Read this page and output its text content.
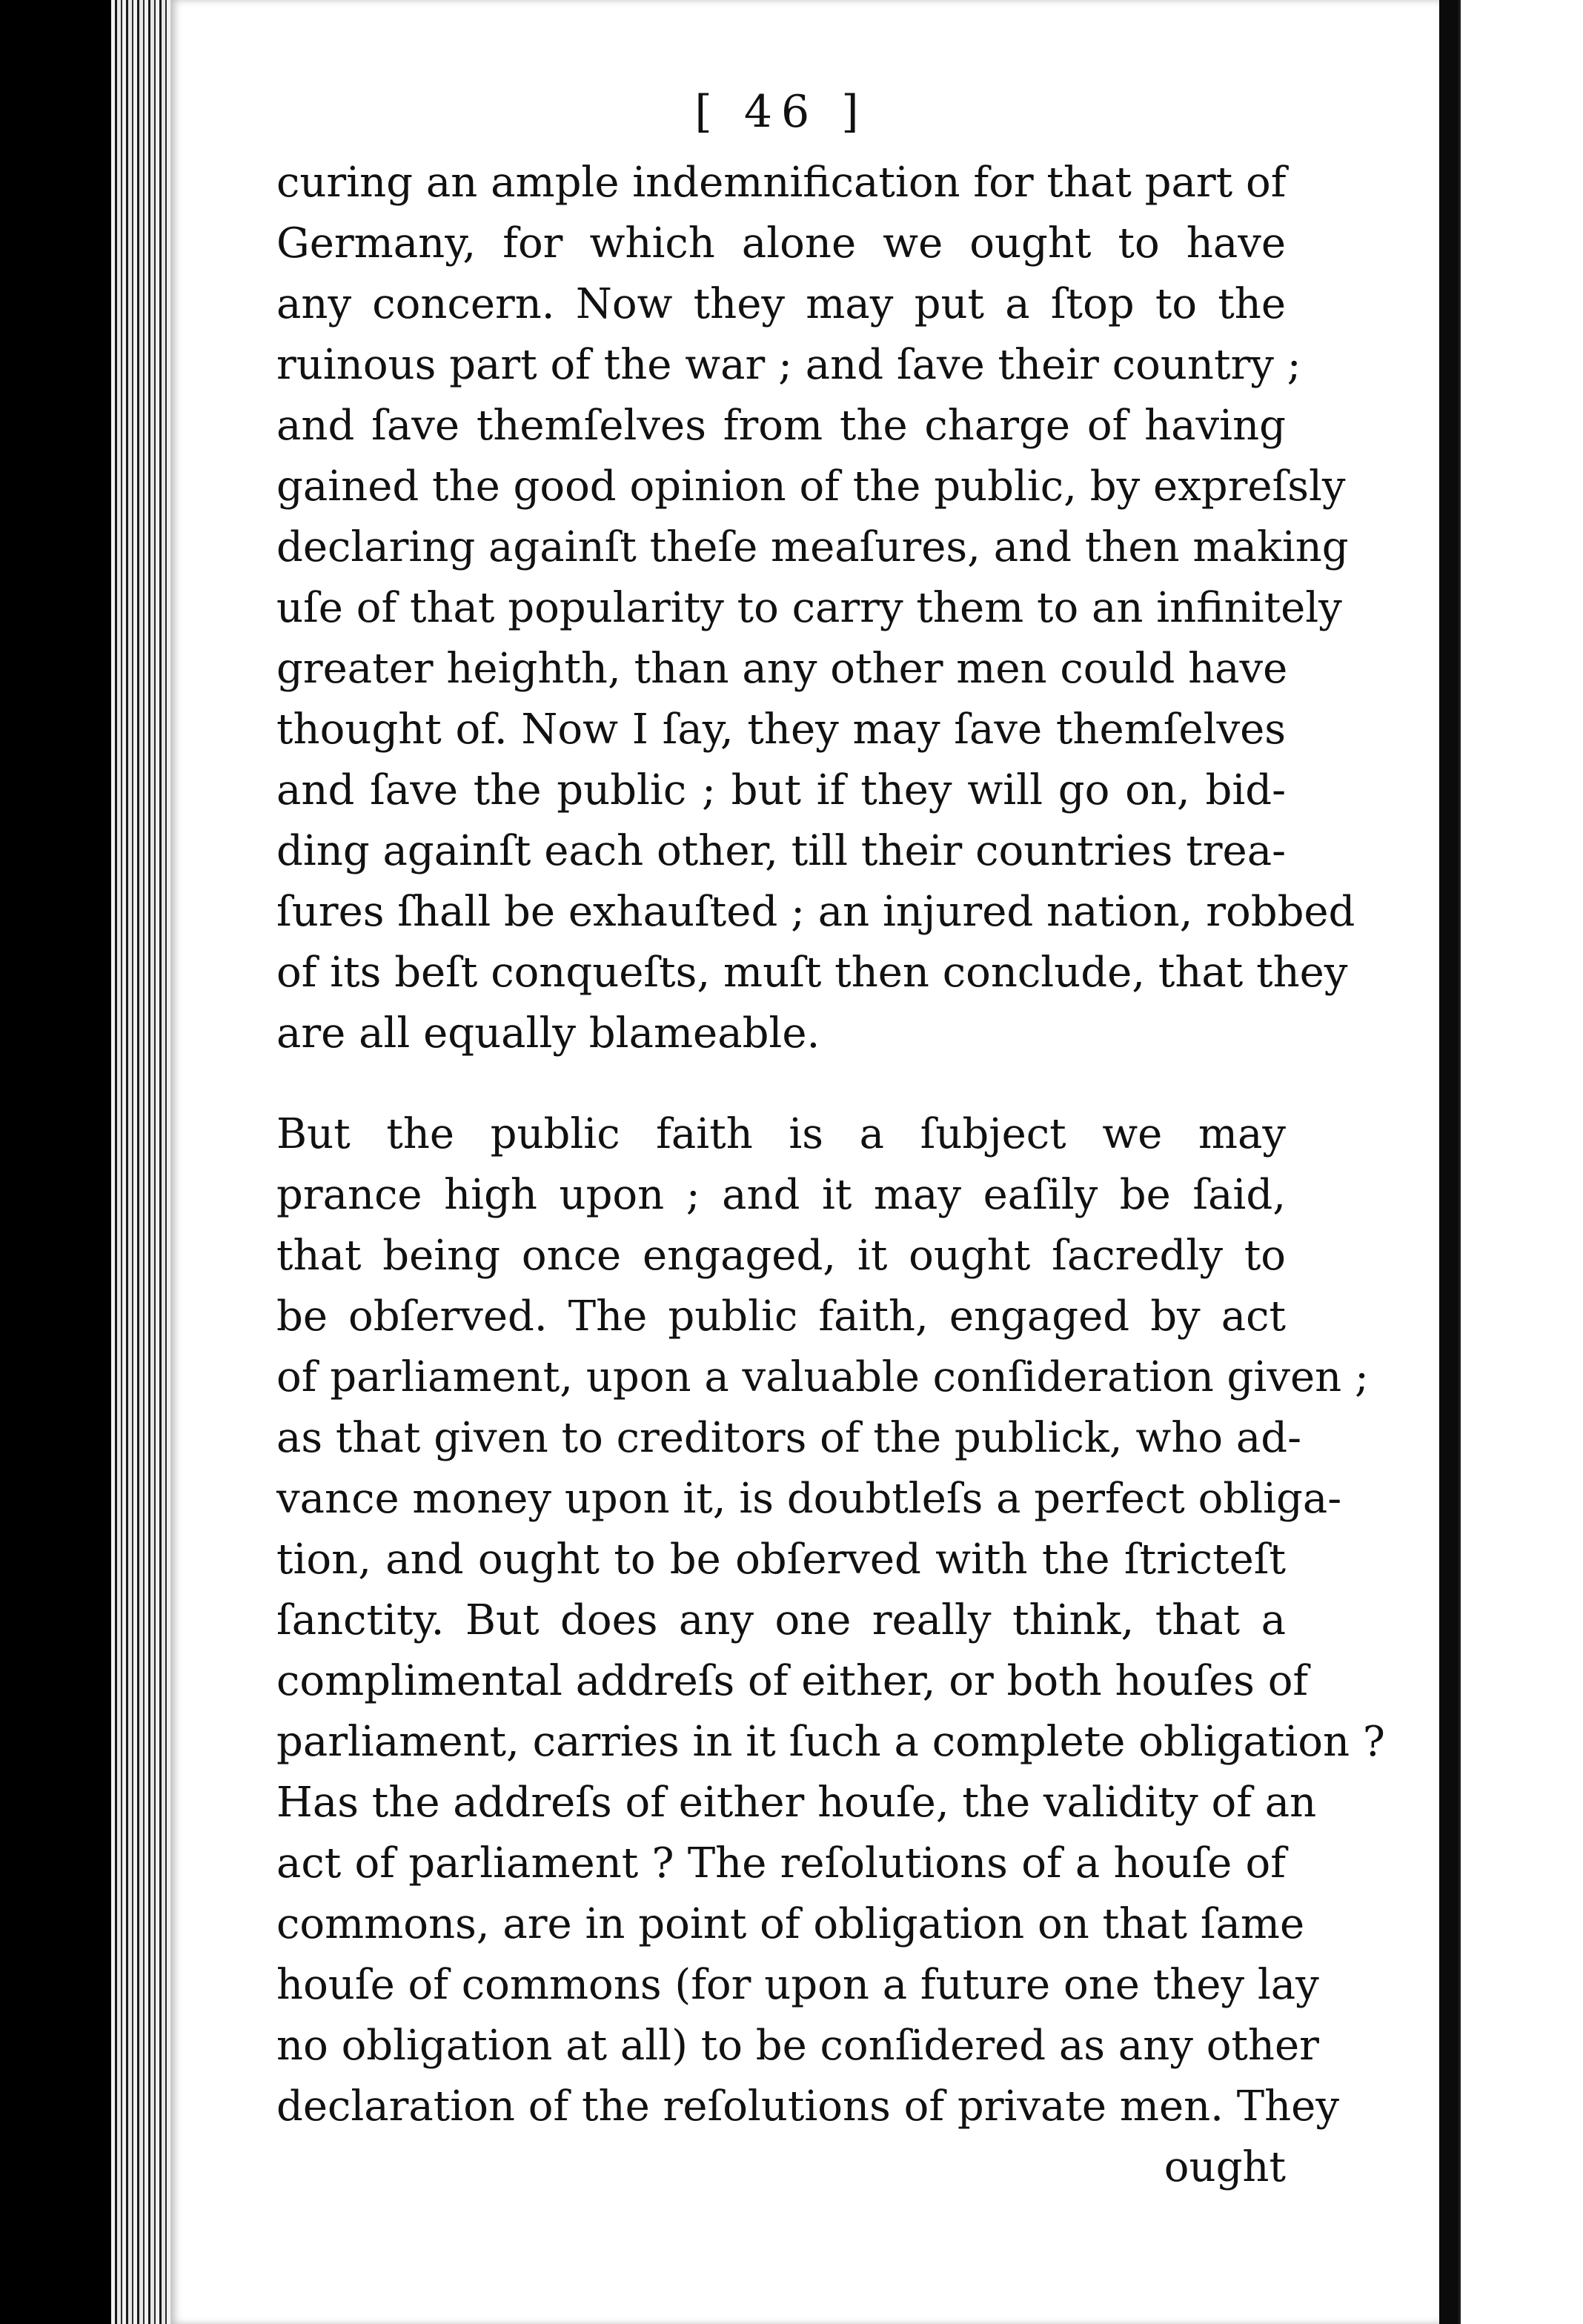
[ 46 ]
curing an ample indemnification for that part of
Germany, for which alone we ought to have
any concern. Now they may put a ſtop to the
ruinous part of the war ; and ſave their country ;
and ſave themſelves from the charge of having
gained the good opinion of the public, by expreſsly
declaring againſt theſe meaſures, and then making
uſe of that popularity to carry them to an infinitely
greater heighth, than any other men could have
thought of. Now I ſay, they may ſave themſelves
and ſave the public ; but if they will go on, bid-
ding againſt each other, till their countries trea-
ſures ſhall be exhauſted ; an injured nation, robbed
of its beſt conqueſts, muſt then conclude, that they
are all equally blameable.
But the public faith is a ſubject we may
prance high upon ; and it may eaſily be ſaid,
that being once engaged, it ought ſacredly to
be obſerved. The public faith, engaged by act
of parliament, upon a valuable conſideration given ;
as that given to creditors of the publick, who ad-
vance money upon it, is doubtleſs a perfect obliga-
tion, and ought to be obſerved with the ſtricteſt
ſanctity. But does any one really think, that a
complimental addreſs of either, or both houſes of
parliament, carries in it ſuch a complete obligation ?
Has the addreſs of either houſe, the validity of an
act of parliament ? The reſolutions of a houſe of
commons, are in point of obligation on that ſame
houſe of commons (for upon a future one they lay
no obligation at all) to be conſidered as any other
declaration of the reſolutions of private men. They
ought
